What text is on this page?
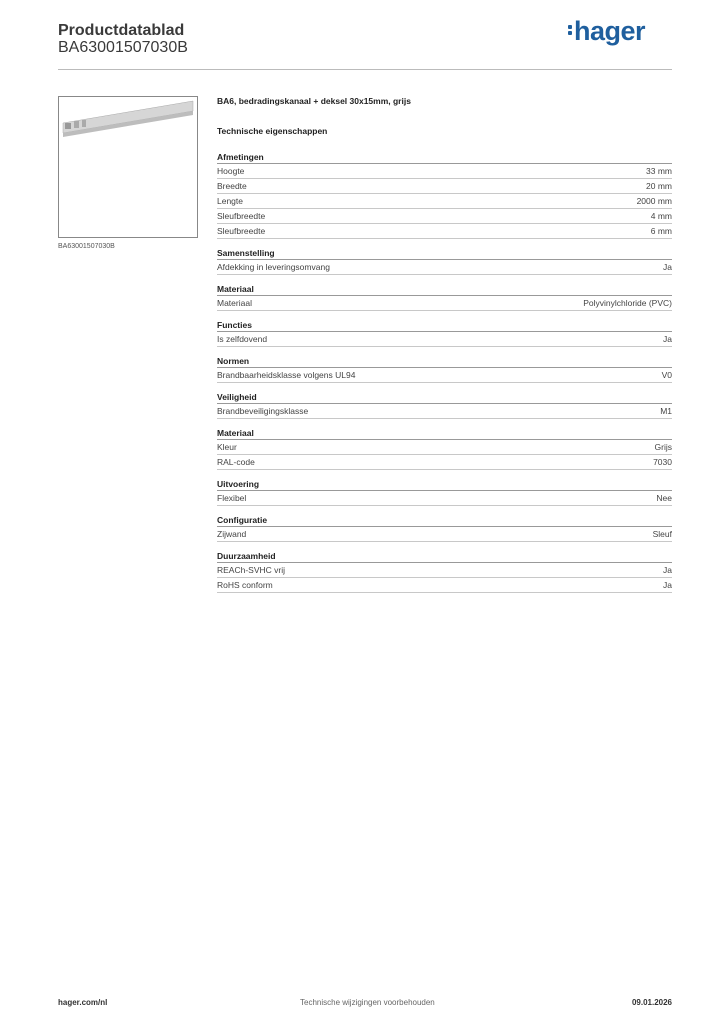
Productdatablad
BA63001507030B
hager
BA63001507030B
BA6, bedradingskanaal + deksel 30x15mm, grijs
Technische eigenschappen
Afmetingen
Hoogte	33 mm
Breedte	20 mm
Lengte	2000 mm
Sleufbreedte	4 mm
Sleufbreedte	6 mm
Samenstelling
Afdekking in leveringsomvang	Ja
Materiaal
Materiaal	Polyvinylchloride (PVC)
Functies
Is zelfdovend	Ja
Normen
Brandbaarheidsklasse volgens UL94	V0
Veiligheid
Brandbeveiligingsklasse	M1
Materiaal
Kleur	Grijs
RAL-code	7030
Uitvoering
Flexibel	Nee
Configuratie
Zijwand	Sleuf
Duurzaamheid
REACh-SVHC vrij	Ja
RoHS conform	Ja
hager.com/nl	Technische wijzigingen voorbehouden	09.01.2026
